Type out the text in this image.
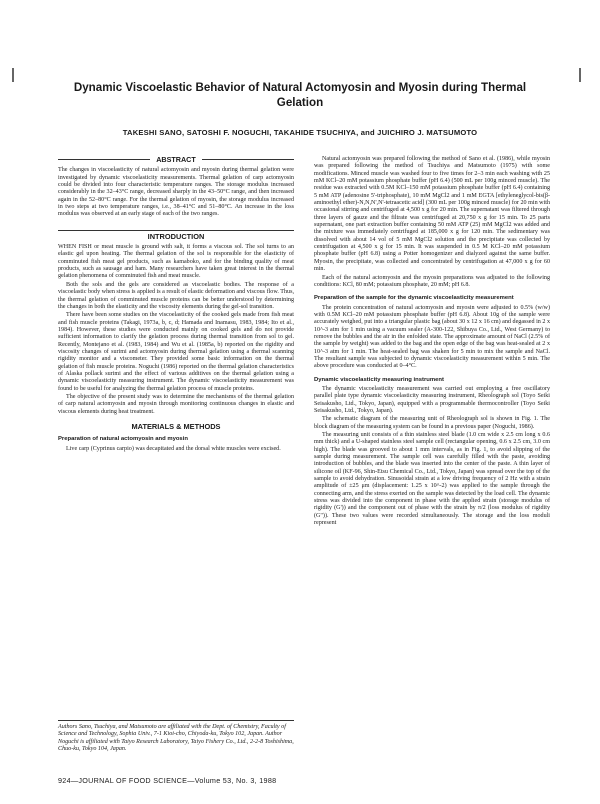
Dynamic Viscoelastic Behavior of Natural Actomyosin and Myosin during Thermal Gelation
TAKESHI SANO, SATOSHI F. NOGUCHI, TAKAHIDE TSUCHIYA, and JUICHIRO J. MATSUMOTO
ABSTRACT

The changes in viscoelasticity of natural actomyosin and myosin during thermal gelation were investigated by dynamic viscoelasticity measurements. Thermal gelation of carp actomyosin could be divided into four characteristic temperature ranges. The storage modulus increased considerably in the 32–43°C range, decreased sharply in the 43–50°C range, and then increased again in the 52–80°C range. For the thermal gelation of myosin, the storage modulus increased in two steps at two temperature ranges, i.e., 38–41°C and 51–80°C. An increase in the loss modulus was observed at an early stage of each of the two ranges.

INTRODUCTION

WHEN FISH or meat muscle is ground with salt, it forms a viscous sol. The sol turns to an elastic gel upon heating. The thermal gelation of the sol is responsible for the elasticity of comminuted fish meat gel products, such as kamaboko, and for the binding quality of meat products, such as sausage and ham. Many researchers have taken great interest in the thermal gelation phenomena of comminuted fish and meat muscle.

Both the sols and the gels are considered as viscoelastic bodies. The response of a viscoelastic body when stress is applied is a result of elastic deformation and viscous flow. Thus, the thermal gelation of comminuted muscle proteins can be better understood by determining the changes in both the elasticity and the viscosity elements during the gel-sol transition.

There have been some studies on the viscoelasticity of the cooked gels made from fish meat and fish muscle proteins (Takagi, 1973a, b, c, d; Hamada and Inamasu, 1983, 1984; Ito et al., 1984). However, these studies were conducted mainly on cooked gels and do not provide sufficient information to clarify the gelation process during thermal transition from sol to gel. Recently, Montejano et al. (1983, 1984) and Wu et al. (1985a, b) reported on the rigidity and viscosity changes of surimi and actomyosin during thermal gelation using a thermal scanning rigidity monitor and a viscometer. They provided some basic information on the thermal gelation of fish muscle proteins. Noguchi (1986) reported on the thermal gelation characteristics of Alaska pollack surimi and the effect of various additives on the thermal gelation using a dynamic viscoelasticity measuring instrument. The dynamic viscoelasticity measurement was found to be useful for analyzing the thermal gelation process of muscle proteins.

The objective of the present study was to determine the mechanisms of the thermal gelation of carp natural actomyosin and myosin through monitoring continuous changes in elastic and viscous elements during heat treatment.

MATERIALS & METHODS
Preparation of natural actomyosin and myosin

Live carp (Cyprinus carpio) was decapitated and the dorsal white muscles were excised.

Authors Sano, Tsuchiya, and Matsumoto are affiliated with the Dept. of Chemistry, Faculty of Science and Technology, Sophia Univ., 7-1 Kioi-cho, Chiyoda-ku, Tokyo 102, Japan. Author Noguchi is affiliated with Taiyo Research Laboratory, Taiyo Fishery Co., Ltd., 2-2-8 Toshishima, Chuo-ku, Tokyo 104, Japan.
924—JOURNAL OF FOOD SCIENCE—Volume 53, No. 3, 1988

Natural actomyosin was prepared following the method of Sano et al. (1986), while myosin was prepared following the method of Tsuchiya and Matsumoto (1975) with some modifications. Minced muscle was washed four to five times for 2–3 min each washing with 25 mM KCl–20 mM potassium phosphate buffer (pH 6.4) (500 mL per 100g minced muscle). The residue was extracted with 0.5M KCl–150 mM potassium phosphate buffer (pH 6.4) containing 5 mM ATP (adenosine 5'-triphosphate), 10 mM MgCl2 and 1 mM EGTA [ethyleneglycol-bis(β-aminoethyl ether)-N,N,N',N'-tetraacetic acid] (300 mL per 100g minced muscle) for 20 min with occasional stirring and centrifuged at 4,500 x g for 20 min. The supernatant was filtered through three layers of gauze and the filtrate was centrifuged at 20,750 x g for 15 min. To 25 parts supernatant, one part extraction buffer containing 50 mM ATP (25) mM MgCl2 was added and the mixture was immediately centrifuged at 185,000 x g for 120 min. The sedimentary was dissolved with about 14 vol of 5 mM MgCl2 solution and the precipitate was collected by centrifugation at 4,500 x g for 15 min. It was suspended in 0.5 M KCl–20 mM potassium phosphate buffer (pH 6.8) using a Potter homogenizer and dialyzed against the same buffer. Myosin, the precipitate, was collected and concentrated by centrifugation at 47,000 x g for 60 min.

Each of the natural actomyosin and the myosin preparations was adjusted to the following conditions: KCl, 80 mM; potassium phosphate, 20 mM; pH 6.8.

Preparation of the sample for the dynamic viscoelasticity measurement

The protein concentration of natural actomyosin and myosin were adjusted to 0.5% (w/w) with 0.5M KCl–20 mM potassium phosphate buffer (pH 6.8). About 10g of the sample were accurately weighed, put into a triangular plastic bag (about 30 x 12 x 16 cm) and degassed in 2 x 10^-3 atm for 1 min using a vacuum sealer (A-300-122, Shibuya Co., Ltd., West Germany) to remove the bubbles and the air in the enfolded state. The approximate amount of NaCl (2.5% of the sample by weight) was added to the bag and the open edge of the bag was heat-sealed at 2 x 10^-3 atm for 1 min. The heat-sealed bag was shaken for 5 min to mix the sample and NaCl. The resultant sample was subjected to dynamic viscoelasticity measurement within 5 min. The above procedure was conducted at 0–4°C.

Dynamic viscoelasticity measuring instrument

The dynamic viscoelasticity measurement was carried out employing a free oscillatory parallel plate type dynamic viscoelasticity measuring instrument, Rheolograph sol (Toyo Seiki Seisakusho, Ltd., Tokyo, Japan), equipped with a programmable thermocontroller (Toyo Seiki Seisakusho, Ltd., Tokyo, Japan).

The schematic diagram of the measuring unit of Rheolograph sol is shown in Fig. 1. The block diagram of the measuring system can be found in a previous paper (Noguchi, 1986).

The measuring unit consists of a thin stainless steel blade (1.0 cm wide x 2.5 cm long x 0.6 mm thick) and a U-shaped stainless steel sample cell (rectangular opening, 0.6 x 2.5 cm, 3.0 cm high). The blade was grooved to about 1 mm intervals, as in Fig. 1, to avoid slipping of the sample during measurement. The sample cell was carefully filled with the paste, avoiding introduction of bubbles, and the blade was inserted into the center of the paste. A thin layer of silicone oil (KF-96, Shin-Etsu Chemical Co., Ltd., Tokyo, Japan) was spread over the top of the sample to avoid dehydration. Sinusoidal strain at a low driving frequency of 2 Hz with a strain amplitude of ±25 μm (displacement: 1.25 x 10^-2) was applied to the sample through the connecting arm, and the stress exerted on the sample was detected by the load cell. The dynamic stress was divided into the component in phase with the applied strain (storage modulus of rigidity (G')) and the component out of phase with the strain by π/2 (loss modulus of rigidity (G")). These two values were recorded simultaneously. The storage and the loss moduli represent
